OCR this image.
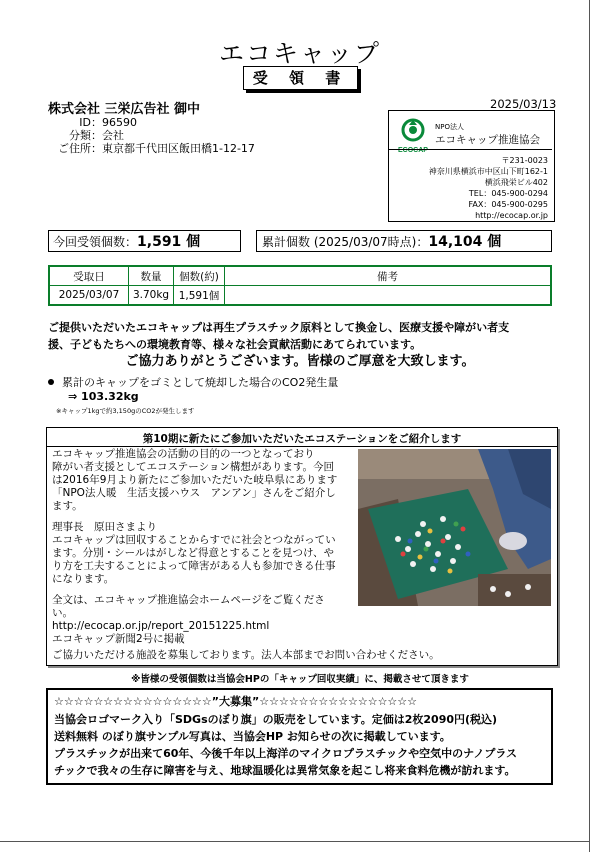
エコキャップ
受 領 書
2025/03/13
株式会社 三栄広告社 御中
ID：96590
分類：会社
ご住所：東京都千代田区飯田橋1-12-17	ECOCAP
NPO法人
エコキャップ推進協会
〒231-0023
神奈川県横浜市中区山下町162-1
横浜飛栄ビル402
TEL：045-900-0294
FAX：045-900-0295
http://ecocap.or.jp
今回受領個数：1,591 個	累計個数 (2025/03/07時点)：14,104 個
受取日	数量	個数(約)	備考
2025/03/07	3.70kg	1,591個	
ご提供いただいたエコキャップは再生プラスチック原料として換金し、医療支援や障がい者支
援、子どもたちへの環境教育等、様々な社会貢献活動にあてられています。
ご協力ありがとうございます。皆様のご厚意を大致します。
累計のキャップをゴミとして焼却した場合のCO2発生量
⇒ 103.32kg
※キャップ1kgで約3,150gのCO2が発生します
第10期に新たにご参加いただいたエコステーションをご紹介します

エコキャップ推進協会の活動の目的の一つとなっており
障がい者支援としてエコステーション構想があります。今回
は2016年9月より新たにご参加いただいた岐阜県にあります
「NPO法人暖　生活支援ハウス　アンアン」さんをご紹介し
ます。

理事長　原田さまより
エコキャップは回収することからすでに社会とつながってい
ます。分別・シールはがしなど得意とすることを見つけ、や
り方を工夫することによって障害がある人も参加できる仕事
になります。

全文は、エコキャップ推進協会ホームページをご覧くださ
い。
http://ecocap.or.jp/report_20151225.html
エコキャップ新聞2号に掲載

ご協力いただける施設を募集しております。法人本部までお問い合わせください。
※皆様の受領個数は当協会HPの「キャップ回収実績」に、掲載させて頂きます
☆☆☆☆☆☆☆☆☆☆☆☆☆☆☆☆”大募集”☆☆☆☆☆☆☆☆☆☆☆☆☆☆☆☆
当協会ロゴマーク入り「SDGsのぼり旗」の販売をしています。定価は2枚2090円(税込)
送料無料 のぼり旗サンプル写真は、当協会HP お知らせの次に掲載しています。
プラスチックが出来て60年、今後千年以上海洋のマイクロプラスチックや空気中のナノプラス
チックで我々の生存に障害を与え、地球温暖化は異常気象を起こし将来食料危機が訪れます。
